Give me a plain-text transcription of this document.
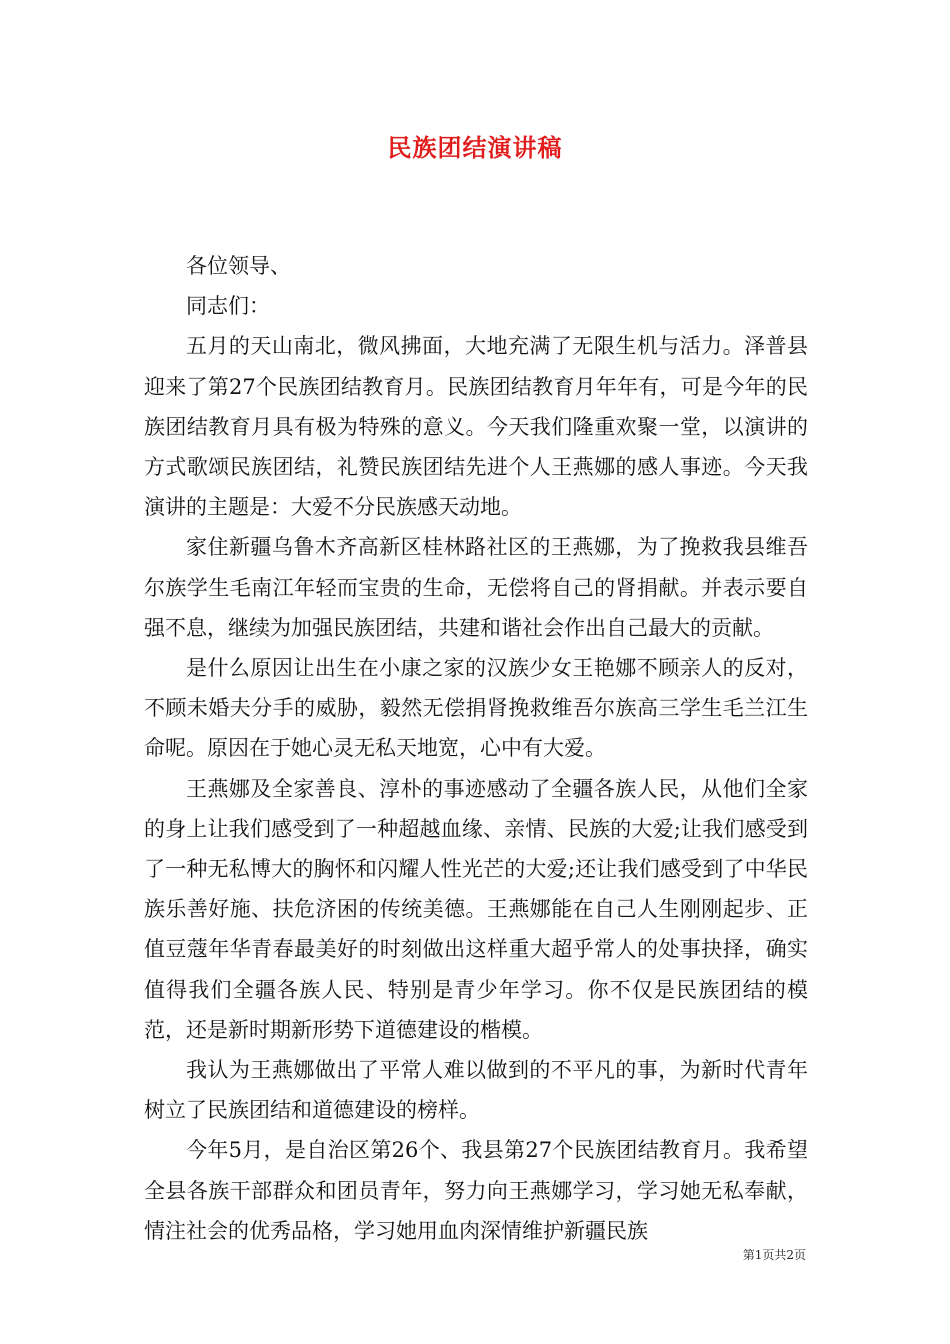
民族团结演讲稿

各位领导、

同志们：

五月的天山南北，微风拂面，大地充满了无限生机与活力。泽普县迎来了第27个民族团结教育月。民族团结教育月年年有，可是今年的民族团结教育月具有极为特殊的意义。今天我们隆重欢聚一堂，以演讲的方式歌颂民族团结，礼赞民族团结先进个人王燕娜的感人事迹。今天我演讲的主题是：大爱不分民族感天动地。

家住新疆乌鲁木齐高新区桂林路社区的王燕娜，为了挽救我县维吾尔族学生毛南江年轻而宝贵的生命，无偿将自己的肾捐献。并表示要自强不息，继续为加强民族团结，共建和谐社会作出自己最大的贡献。

是什么原因让出生在小康之家的汉族少女王艳娜不顾亲人的反对，不顾未婚夫分手的威胁，毅然无偿捐肾挽救维吾尔族高三学生毛兰江生命呢。原因在于她心灵无私天地宽，心中有大爱。

王燕娜及全家善良、淳朴的事迹感动了全疆各族人民，从他们全家的身上让我们感受到了一种超越血缘、亲情、民族的大爱;让我们感受到了一种无私博大的胸怀和闪耀人性光芒的大爱;还让我们感受到了中华民族乐善好施、扶危济困的传统美德。王燕娜能在自己人生刚刚起步、正值豆蔻年华青春最美好的时刻做出这样重大超乎常人的处事抉择，确实值得我们全疆各族人民、特别是青少年学习。你不仅是民族团结的模范，还是新时期新形势下道德建设的楷模。

我认为王燕娜做出了平常人难以做到的不平凡的事，为新时代青年树立了民族团结和道德建设的榜样。

今年5月，是自治区第26个、我县第27个民族团结教育月。我希望全县各族干部群众和团员青年，努力向王燕娜学习，学习她无私奉献，情注社会的优秀品格，学习她用血肉深情维护新疆民族

第1页共2页
